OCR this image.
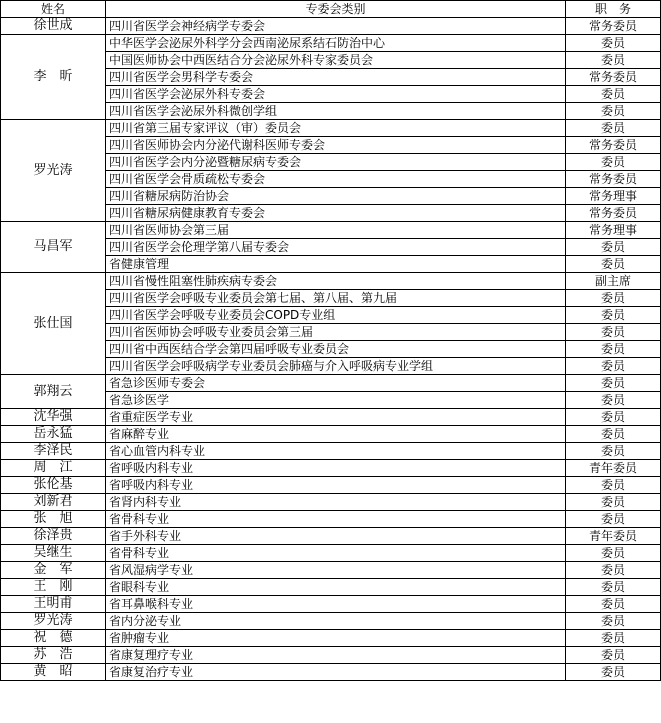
姓名	专委会类别	职　务
徐世成	四川省医学会神经病学专委会	常务委员
李　昕	中华医学会泌尿外科学分会西南泌尿系结石防治中心	委员
	中国医师协会中西医结合分会泌尿外科专家委员会	委员
	四川省医学会男科学专委会	常务委员
	四川省医学会泌尿外科专委会	委员
	四川省医学会泌尿外科微创学组	委员
罗光涛	四川省第三届专家评议（审）委员会	委员
	四川省医师协会内分泌代谢科医师专委会	常务委员
	四川省医学会内分泌暨糖尿病专委会	委员
	四川省医学会骨质疏松专委会	常务委员
	四川省糖尿病防治协会	常务理事
	四川省糖尿病健康教育专委会	常务委员
马昌军	四川省医师协会第三届	常务理事
	四川省医学会伦理学第八届专委会	委员
	省健康管理	委员
张仕国	四川省慢性阻塞性肺疾病专委会	副主席
	四川省医学会呼吸专业委员会第七届、第八届、第九届	委员
	四川省医学会呼吸专业委员会COPD专业组	委员
	四川省医师协会呼吸专业委员会第三届	委员
	四川省中西医结合学会第四届呼吸专业委员会	委员
	四川省医学会呼吸病学专业委员会肺癌与介入呼吸病专业学组	委员
郭翔云	省急诊医师专委会	委员
	省急诊医学	委员
沈华强	省重症医学专业	委员
岳永猛	省麻醉专业	委员
李泽民	省心血管内科专业	委员
周　江	省呼吸内科专业	青年委员
张伦基	省呼吸内科专业	委员
刘新君	省肾内科专业	委员
张　旭	省骨科专业	委员
徐泽贵	省手外科专业	青年委员
吴继生	省骨科专业	委员
金　军	省风湿病学专业	委员
王　刚	省眼科专业	委员
王明甫	省耳鼻喉科专业	委员
罗光涛	省内分泌专业	委员
祝　德	省肿瘤专业	委员
苏　浩	省康复理疗专业	委员
黄　昭	省康复治疗专业	委员
